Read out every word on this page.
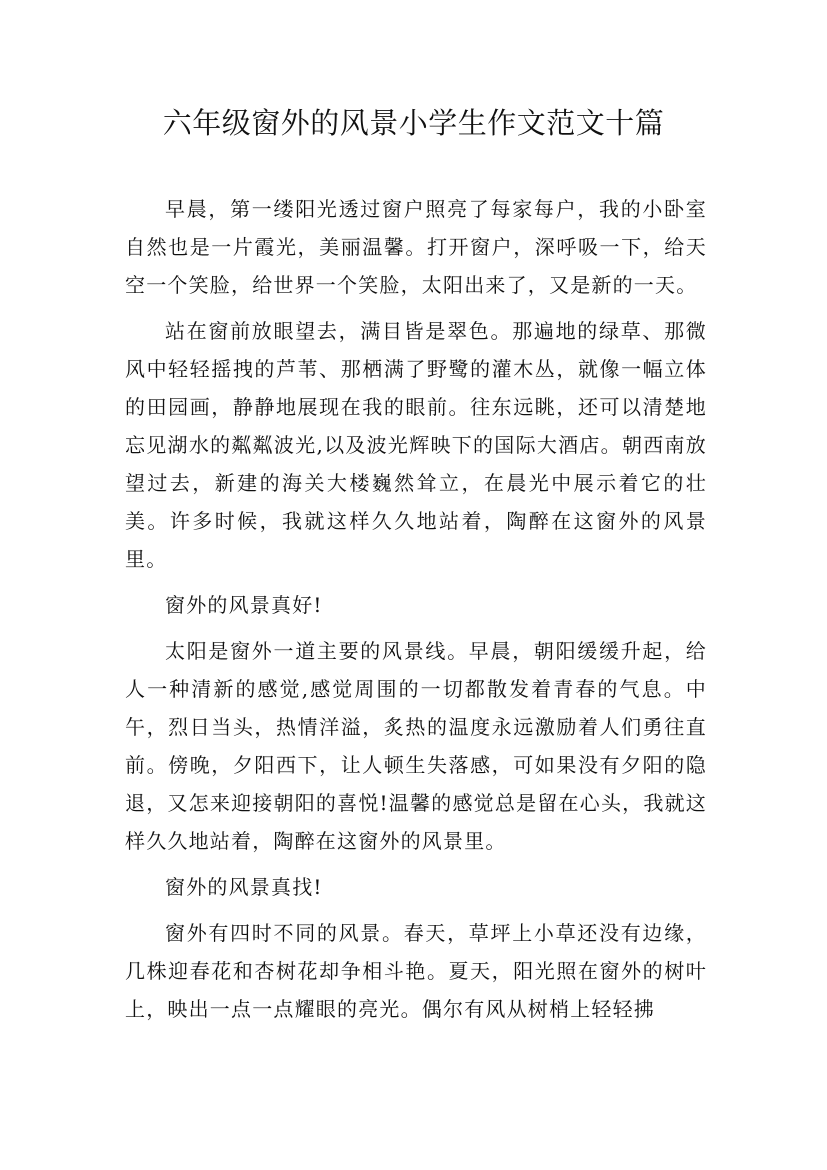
六年级窗外的风景小学生作文范文十篇

早晨，第一缕阳光透过窗户照亮了每家每户，我的小卧室自然也是一片霞光，美丽温馨。打开窗户，深呼吸一下，给天空一个笑脸，给世界一个笑脸，太阳出来了，又是新的一天。

站在窗前放眼望去，满目皆是翠色。那遍地的绿草、那微风中轻轻摇拽的芦苇、那栖满了野鹭的灌木丛，就像一幅立体的田园画，静静地展现在我的眼前。往东远眺，还可以清楚地忘见湖水的粼粼波光,以及波光辉映下的国际大酒店。朝西南放望过去，新建的海关大楼巍然耸立，在晨光中展示着它的壮美。许多时候，我就这样久久地站着，陶醉在这窗外的风景里。

窗外的风景真好!

太阳是窗外一道主要的风景线。早晨，朝阳缓缓升起，给人一种清新的感觉,感觉周围的一切都散发着青春的气息。中午，烈日当头，热情洋溢，炙热的温度永远激励着人们勇往直前。傍晚，夕阳西下，让人顿生失落感，可如果没有夕阳的隐退，又怎来迎接朝阳的喜悦!温馨的感觉总是留在心头，我就这样久久地站着，陶醉在这窗外的风景里。

窗外的风景真找!

窗外有四时不同的风景。春天，草坪上小草还没有边缘，几株迎春花和杏树花却争相斗艳。夏天，阳光照在窗外的树叶上，映出一点一点耀眼的亮光。偶尔有风从树梢上轻轻拂
